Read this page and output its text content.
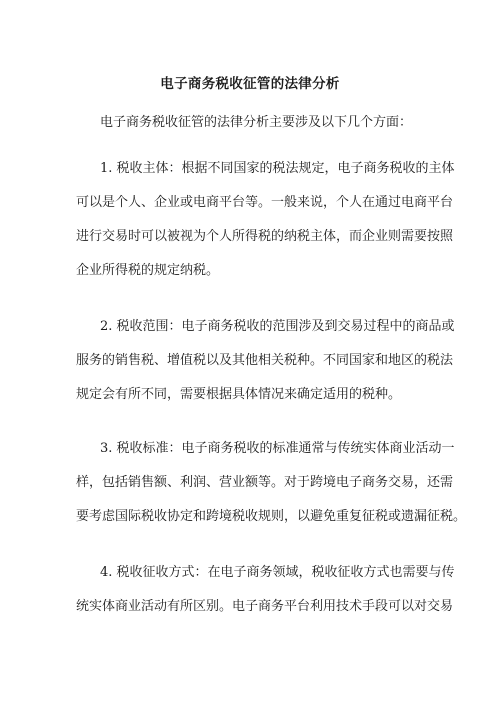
电子商务税收征管的法律分析

电子商务税收征管的法律分析主要涉及以下几个方面：

1. 税收主体：根据不同国家的税法规定，电子商务税收的主体

可以是个人、企业或电商平台等。一般来说，个人在通过电商平台

进行交易时可以被视为个人所得税的纳税主体，而企业则需要按照

企业所得税的规定纳税。

2. 税收范围：电子商务税收的范围涉及到交易过程中的商品或

服务的销售税、增值税以及其他相关税种。不同国家和地区的税法

规定会有所不同，需要根据具体情况来确定适用的税种。

3. 税收标准：电子商务税收的标准通常与传统实体商业活动一

样，包括销售额、利润、营业额等。对于跨境电子商务交易，还需

要考虑国际税收协定和跨境税收规则，以避免重复征税或遗漏征税。

4. 税收征收方式：在电子商务领域，税收征收方式也需要与传

统实体商业活动有所区别。电子商务平台利用技术手段可以对交易
